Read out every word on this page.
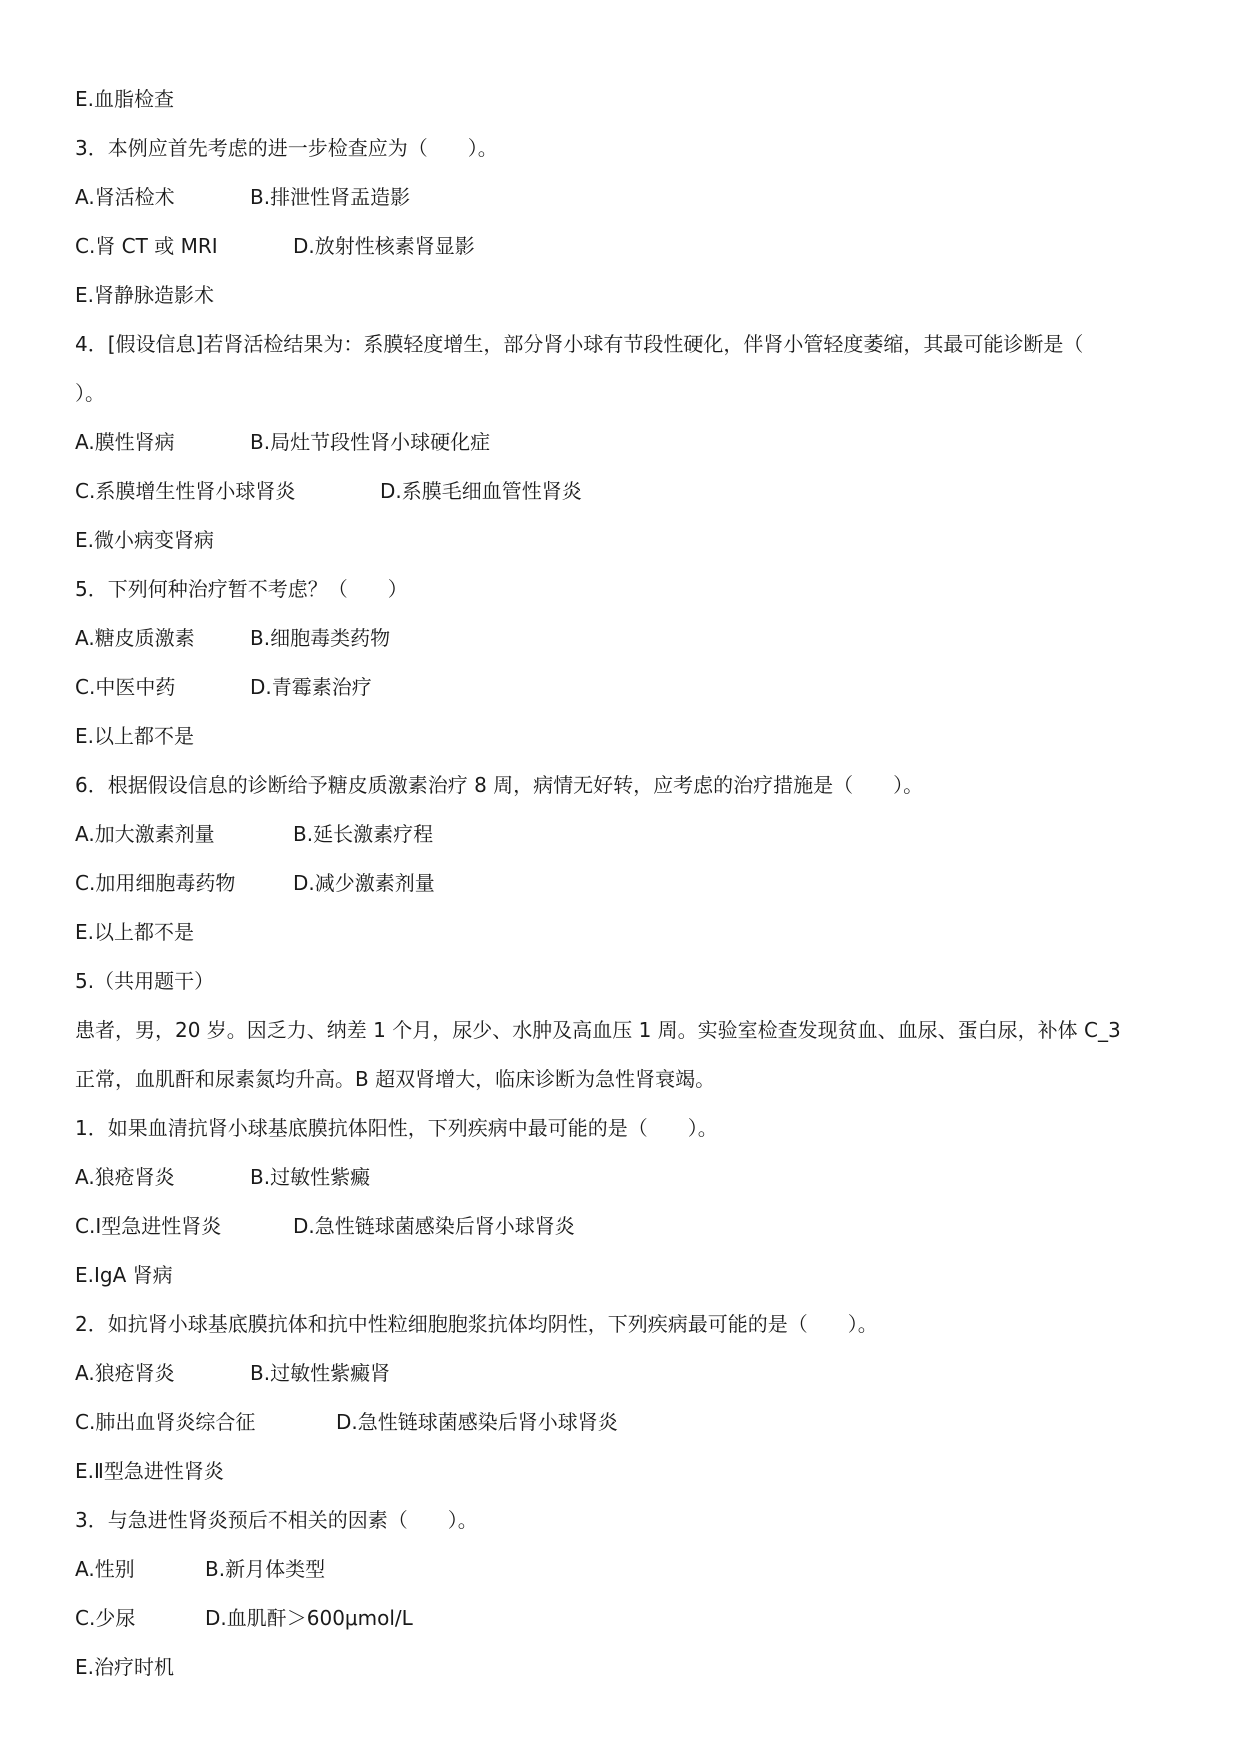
E.血脂检查
3．本例应首先考虑的进一步检查应为（　　）。
A.肾活检术	B.排泄性肾盂造影
C.肾 CT 或 MRI	D.放射性核素肾显影
E.肾静脉造影术
4．[假设信息]若肾活检结果为：系膜轻度增生，部分肾小球有节段性硬化，伴肾小管轻度萎缩，其最可能诊断是（
）。
A.膜性肾病	B.局灶节段性肾小球硬化症
C.系膜增生性肾小球肾炎	D.系膜毛细血管性肾炎
E.微小病变肾病
5．下列何种治疗暂不考虑？（　　）
A.糖皮质激素	B.细胞毒类药物
C.中医中药	D.青霉素治疗
E.以上都不是
6．根据假设信息的诊断给予糖皮质激素治疗 8 周，病情无好转，应考虑的治疗措施是（　　）。
A.加大激素剂量	B.延长激素疗程
C.加用细胞毒药物	D.减少激素剂量
E.以上都不是
5.（共用题干）
患者，男，20 岁。因乏力、纳差 1 个月，尿少、水肿及高血压 1 周。实验室检查发现贫血、血尿、蛋白尿，补体 C_3
正常，血肌酐和尿素氮均升高。B 超双肾增大，临床诊断为急性肾衰竭。
1．如果血清抗肾小球基底膜抗体阳性，下列疾病中最可能的是（　　）。
A.狼疮肾炎	B.过敏性紫癜
C.Ⅰ型急进性肾炎	D.急性链球菌感染后肾小球肾炎
E.IgA 肾病
2．如抗肾小球基底膜抗体和抗中性粒细胞胞浆抗体均阴性，下列疾病最可能的是（　　）。
A.狼疮肾炎	B.过敏性紫癜肾
C.肺出血肾炎综合征	D.急性链球菌感染后肾小球肾炎
E.Ⅱ型急进性肾炎
3．与急进性肾炎预后不相关的因素（　　）。
A.性别	B.新月体类型
C.少尿	D.血肌酐＞600μmol/L
E.治疗时机
